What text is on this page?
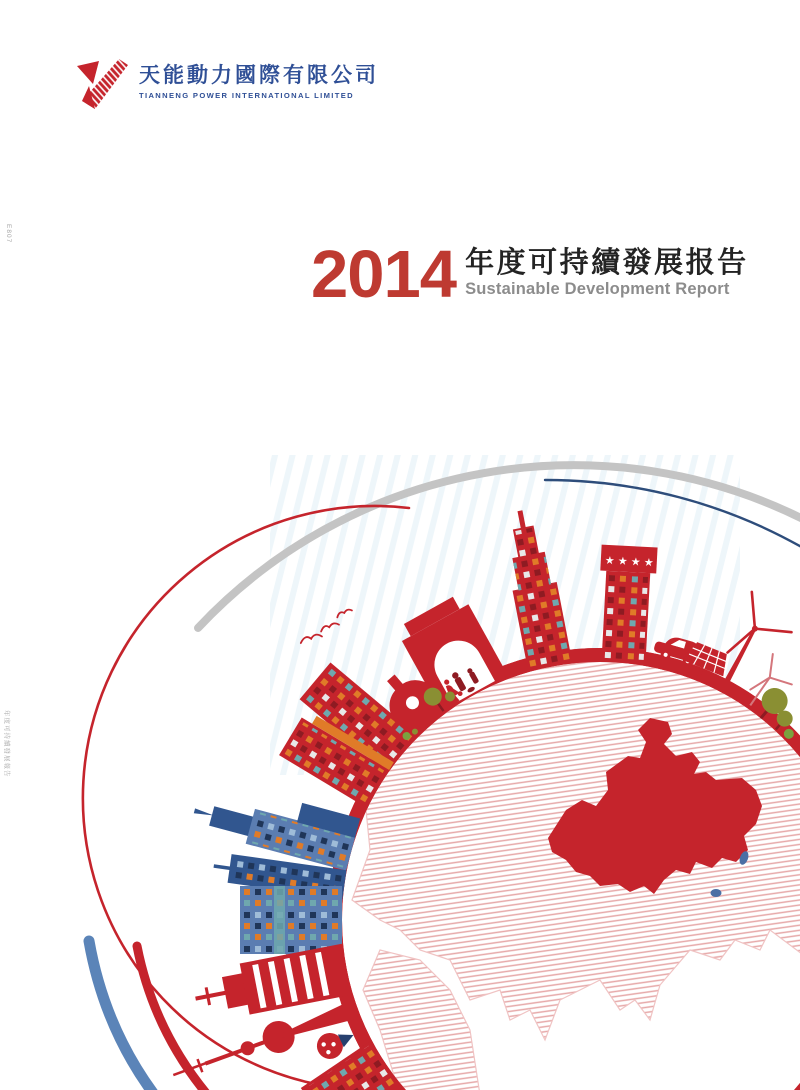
天能動力國際有限公司
TIANNENG POWER INTERNATIONAL LIMITED
2014 年度可持續發展报告
Sustainable Development Report
E807
年度可持續發展報告
★ ★ ★ ★
